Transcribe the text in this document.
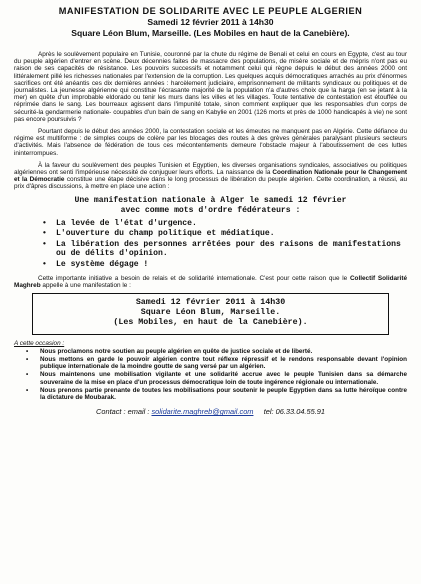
MANIFESTATION DE SOLIDARITE AVEC LE PEUPLE ALGERIEN
Samedi 12 février 2011 à 14h30
Square Léon Blum, Marseille. (Les Mobiles en haut de la Canebière).

Après le soulèvement populaire en Tunisie, couronné par la chute du régime de Benali et celui en cours en Egypte, c'est au tour du peuple algérien d'entrer en scène. Deux décennies faites de massacre des populations, de misère sociale et de mépris n'ont pas eu raison de ses capacités de résistance. Les pouvoirs successifs et notamment celui qui règne depuis le début des années 2000 ont littéralement pillé les richesses nationales par l'extension de la corruption. Les quelques acquis démocratiques arrachés au prix d'énormes sacrifices ont été anéantis ces dix dernières années : harcèlement judiciaire, emprisonnement de militants syndicaux ou politiques et de journalistes. La jeunesse algérienne qui constitue l'écrasante majorité de la population n'a d'autres choix que la harga (en se jetant à la mer) en quête d'un improbable eldorado ou tenir les murs dans les villes et les villages. Toute tentative de contestation est étouffée ou réprimée dans le sang. Les bourreaux agissent dans l'impunité totale, sinon comment expliquer que les responsables d'un corps de sécurité-la gendarmerie nationale- coupables d'un bain de sang en Kabylie en 2001 (126 morts et près de 1000 handicapés à vie) ne sont pas encore poursuivis ?

Pourtant depuis le début des années 2000, la contestation sociale et les émeutes ne manquent pas en Algérie. Cette défiance du régime est multiforme : de simples coups de colère par les blocages des routes à des grèves générales paralysant plusieurs secteurs d'activités. Mais l'absence de fédération de tous ces mécontentements demeure l'obstacle majeur à l'aboutissement de ces luttes ininterrompues.

À la faveur du soulèvement des peuples Tunisien et Egyptien, les diverses organisations syndicales, associatives ou politiques algériennes ont senti l'impérieuse nécessité de conjuguer leurs efforts. La naissance de la Coordination Nationale pour le Changement et la Démocratie constitue une étape décisive dans le long processus de libération du peuple algérien. Cette coordination, a réussi, au prix d'âpres discussions, à mettre en place une action :

Une manifestation nationale à Alger le samedi 12 février
avec comme mots d'ordre fédérateurs :
• La levée de l'état d'urgence.
• L'ouverture du champ politique et médiatique.
• La libération des personnes arrêtées pour des raisons de manifestations ou de délits d'opinion.
• Le système dégage !

Cette importante initiative a besoin de relais et de solidarité internationale. C'est pour cette raison que le Collectif Solidarité Maghreb appelle à une manifestation le :

Samedi 12 février 2011 à 14h30
Square Léon Blum, Marseille.
(Les Mobiles, en haut de la Canebière).
A cette occasion :
• Nous proclamons notre soutien au peuple algérien en quête de justice sociale et de liberté.
• Nous mettons en garde le pouvoir algérien contre tout réflexe répressif et le rendons responsable devant l'opinion publique internationale de la moindre goutte de sang versé par un algérien.
• Nous maintenons une mobilisation vigilante et une solidarité accrue avec le peuple Tunisien dans sa démarche souveraine de la mise en place d'un processus démocratique loin de toute ingérence régionale ou internationale.
• Nous prenons partie prenante de toutes les mobilisations pour soutenir le peuple Egyptien dans sa lutte héroïque contre la dictature de Moubarak.
Contact : email : solidarite.maghreb@gmail.com tel: 06.33.04.55.91
